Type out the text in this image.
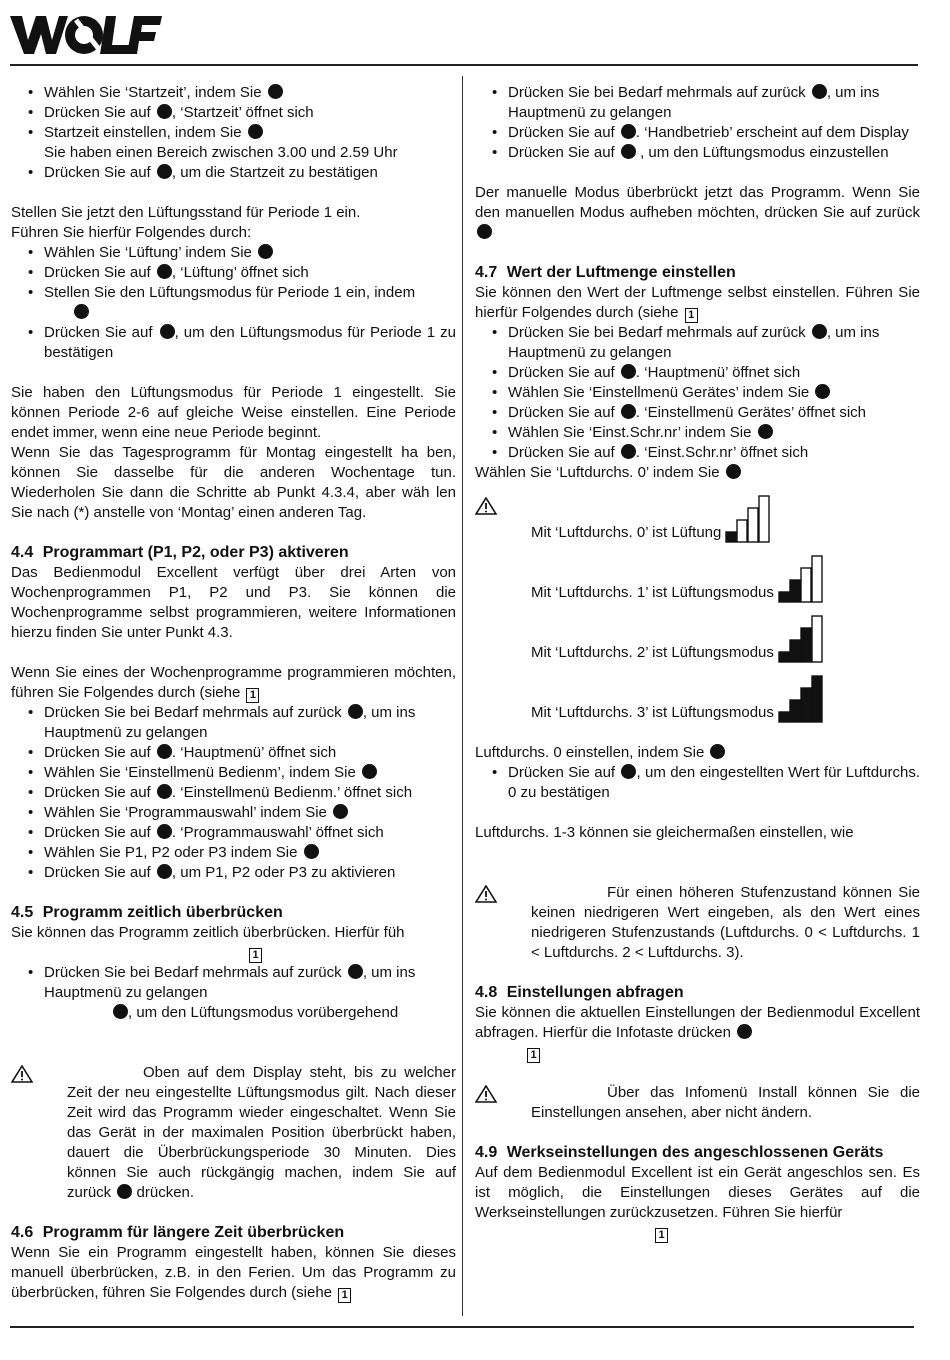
• Wählen Sie ‘Startzeit’, indem Sie
• Drücken Sie auf , ‘Startzeit’ öffnet sich
• Startzeit einstellen, indem Sie
Sie haben einen Bereich zwischen 3.00 und 2.59 Uhr
• Drücken Sie auf , um die Startzeit zu bestätigen
Stellen Sie jetzt den Lüftungsstand für Periode 1 ein.
Führen Sie hierfür Folgendes durch:
• Wählen Sie ‘Lüftung’ indem Sie
• Drücken Sie auf , ‘Lüftung’ öffnet sich
• Stellen Sie den Lüftungsmodus für Periode 1 ein, indem

• Drücken Sie auf , um den Lüftungsmodus für Periode 1 zu bestätigen
Sie haben den Lüftungsmodus für Periode 1 eingestellt. Sie können Periode 2-6 auf gleiche Weise einstellen. Eine Periode endet immer, wenn eine neue Periode beginnt.
Wenn Sie das Tagesprogramm für Montag eingestellt ha ben, können Sie dasselbe für die anderen Wochentage tun. Wiederholen Sie dann die Schritte ab Punkt 4.3.4, aber wäh len Sie nach (*) anstelle von ‘Montag’ einen anderen Tag.
4.4 Programmart (P1, P2, oder P3) aktiveren
Das Bedienmodul Excellent verfügt über drei Arten von Wochenprogrammen P1, P2 und P3. Sie können die Wochenprogramme selbst programmieren, weitere Informationen hierzu finden Sie unter Punkt 4.3.
Wenn Sie eines der Wochenprogramme programmieren möchten, führen Sie Folgendes durch (siehe 1
• Drücken Sie bei Bedarf mehrmals auf zurück , um ins Hauptmenü zu gelangen
• Drücken Sie auf . ‘Hauptmenü’ öffnet sich
• Wählen Sie ‘Einstellmenü Bedienm’, indem Sie
• Drücken Sie auf . ‘Einstellmenü Bedienm.’ öffnet sich
• Wählen Sie ‘Programmauswahl’ indem Sie
• Drücken Sie auf . ‘Programmauswahl’ öffnet sich
• Wählen Sie P1, P2 oder P3 indem Sie
• Drücken Sie auf , um P1, P2 oder P3 zu aktivieren
4.5 Programm zeitlich überbrücken
Sie können das Programm zeitlich überbrücken. Hierfür füh
1
• Drücken Sie bei Bedarf mehrmals auf zurück , um ins Hauptmenü zu gelangen
, um den Lüftungsmodus vorübergehend
Oben auf dem Display steht, bis zu welcher Zeit der neu eingestellte Lüftungsmodus gilt. Nach dieser Zeit wird das Programm wieder eingeschaltet. Wenn Sie das Gerät in der maximalen Position überbrückt haben, dauert die Überbrückungsperiode 30 Minuten. Dies können Sie auch rückgängig machen, indem Sie auf zurück  drücken.
4.6 Programm für längere Zeit überbrücken
Wenn Sie ein Programm eingestellt haben, können Sie dieses manuell überbrücken, z.B. in den Ferien. Um das Programm zu überbrücken, führen Sie Folgendes durch (siehe 1
• Drücken Sie bei Bedarf mehrmals auf zurück , um ins Hauptmenü zu gelangen
• Drücken Sie auf . ‘Handbetrieb’ erscheint auf dem Display
• Drücken Sie auf  , um den Lüftungsmodus einzustellen
Der manuelle Modus überbrückt jetzt das Programm. Wenn Sie den manuellen Modus aufheben möchten, drücken Sie auf zurück
4.7 Wert der Luftmenge einstellen
Sie können den Wert der Luftmenge selbst einstellen. Führen Sie hierfür Folgendes durch (siehe 1
• Drücken Sie bei Bedarf mehrmals auf zurück , um ins Hauptmenü zu gelangen
• Drücken Sie auf . ‘Hauptmenü’ öffnet sich
• Wählen Sie ‘Einstellmenü Gerätes’ indem Sie
• Drücken Sie auf . ‘Einstellmenü Gerätes’ öffnet sich
• Wählen Sie ‘Einst.Schr.nr’ indem Sie
• Drücken Sie auf . ‘Einst.Schr.nr’ öffnet sich
Wählen Sie ‘Luftdurchs. 0’ indem Sie
Mit ‘Luftdurchs. 0’ ist Lüftung
Mit ‘Luftdurchs. 1’ ist Lüftungsmodus
Mit ‘Luftdurchs. 2’ ist Lüftungsmodus
Mit ‘Luftdurchs. 3’ ist Lüftungsmodus
Luftdurchs. 0 einstellen, indem Sie
• Drücken Sie auf , um den eingestellten Wert für Luftdurchs. 0 zu bestätigen
Luftdurchs. 1-3 können sie gleichermaßen einstellen, wie
Für einen höheren Stufenzustand können Sie keinen niedrigeren Wert eingeben, als den Wert eines niedrigeren Stufenzustands (Luftdurchs. 0 < Luftdurchs. 1 < Luftdurchs. 2 < Luftdurchs. 3).
4.8 Einstellungen abfragen
Sie können die aktuellen Einstellungen der Bedienmodul Excellent abfragen. Hierfür die Infotaste drücken
1
Über das Infomenü Install können Sie die Einstellungen ansehen, aber nicht ändern.
4.9 Werkseinstellungen des angeschlossenen Geräts
Auf dem Bedienmodul Excellent ist ein Gerät angeschlos sen. Es ist möglich, die Einstellungen dieses Gerätes auf die Werkseinstellungen zurückzusetzen. Führen Sie hierfür
1
